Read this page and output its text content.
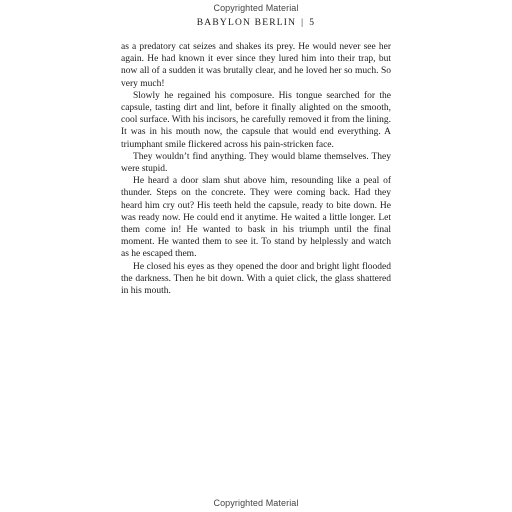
Copyrighted Material
BABYLON BERLIN | 5

as a predatory cat seizes and shakes its prey. He would never see her again. He had known it ever since they lured him into their trap, but now all of a sudden it was brutally clear, and he loved her so much. So very much!

Slowly he regained his composure. His tongue searched for the capsule, tasting dirt and lint, before it finally alighted on the smooth, cool surface. With his incisors, he carefully removed it from the lining. It was in his mouth now, the capsule that would end everything. A triumphant smile flickered across his pain-stricken face.

They wouldn’t find anything. They would blame themselves. They were stupid.

He heard a door slam shut above him, resounding like a peal of thunder. Steps on the concrete. They were coming back. Had they heard him cry out? His teeth held the capsule, ready to bite down. He was ready now. He could end it anytime. He waited a little longer. Let them come in! He wanted to bask in his triumph until the final moment. He wanted them to see it. To stand by helplessly and watch as he escaped them.

He closed his eyes as they opened the door and bright light flooded the darkness. Then he bit down. With a quiet click, the glass shattered in his mouth.

Copyrighted Material
